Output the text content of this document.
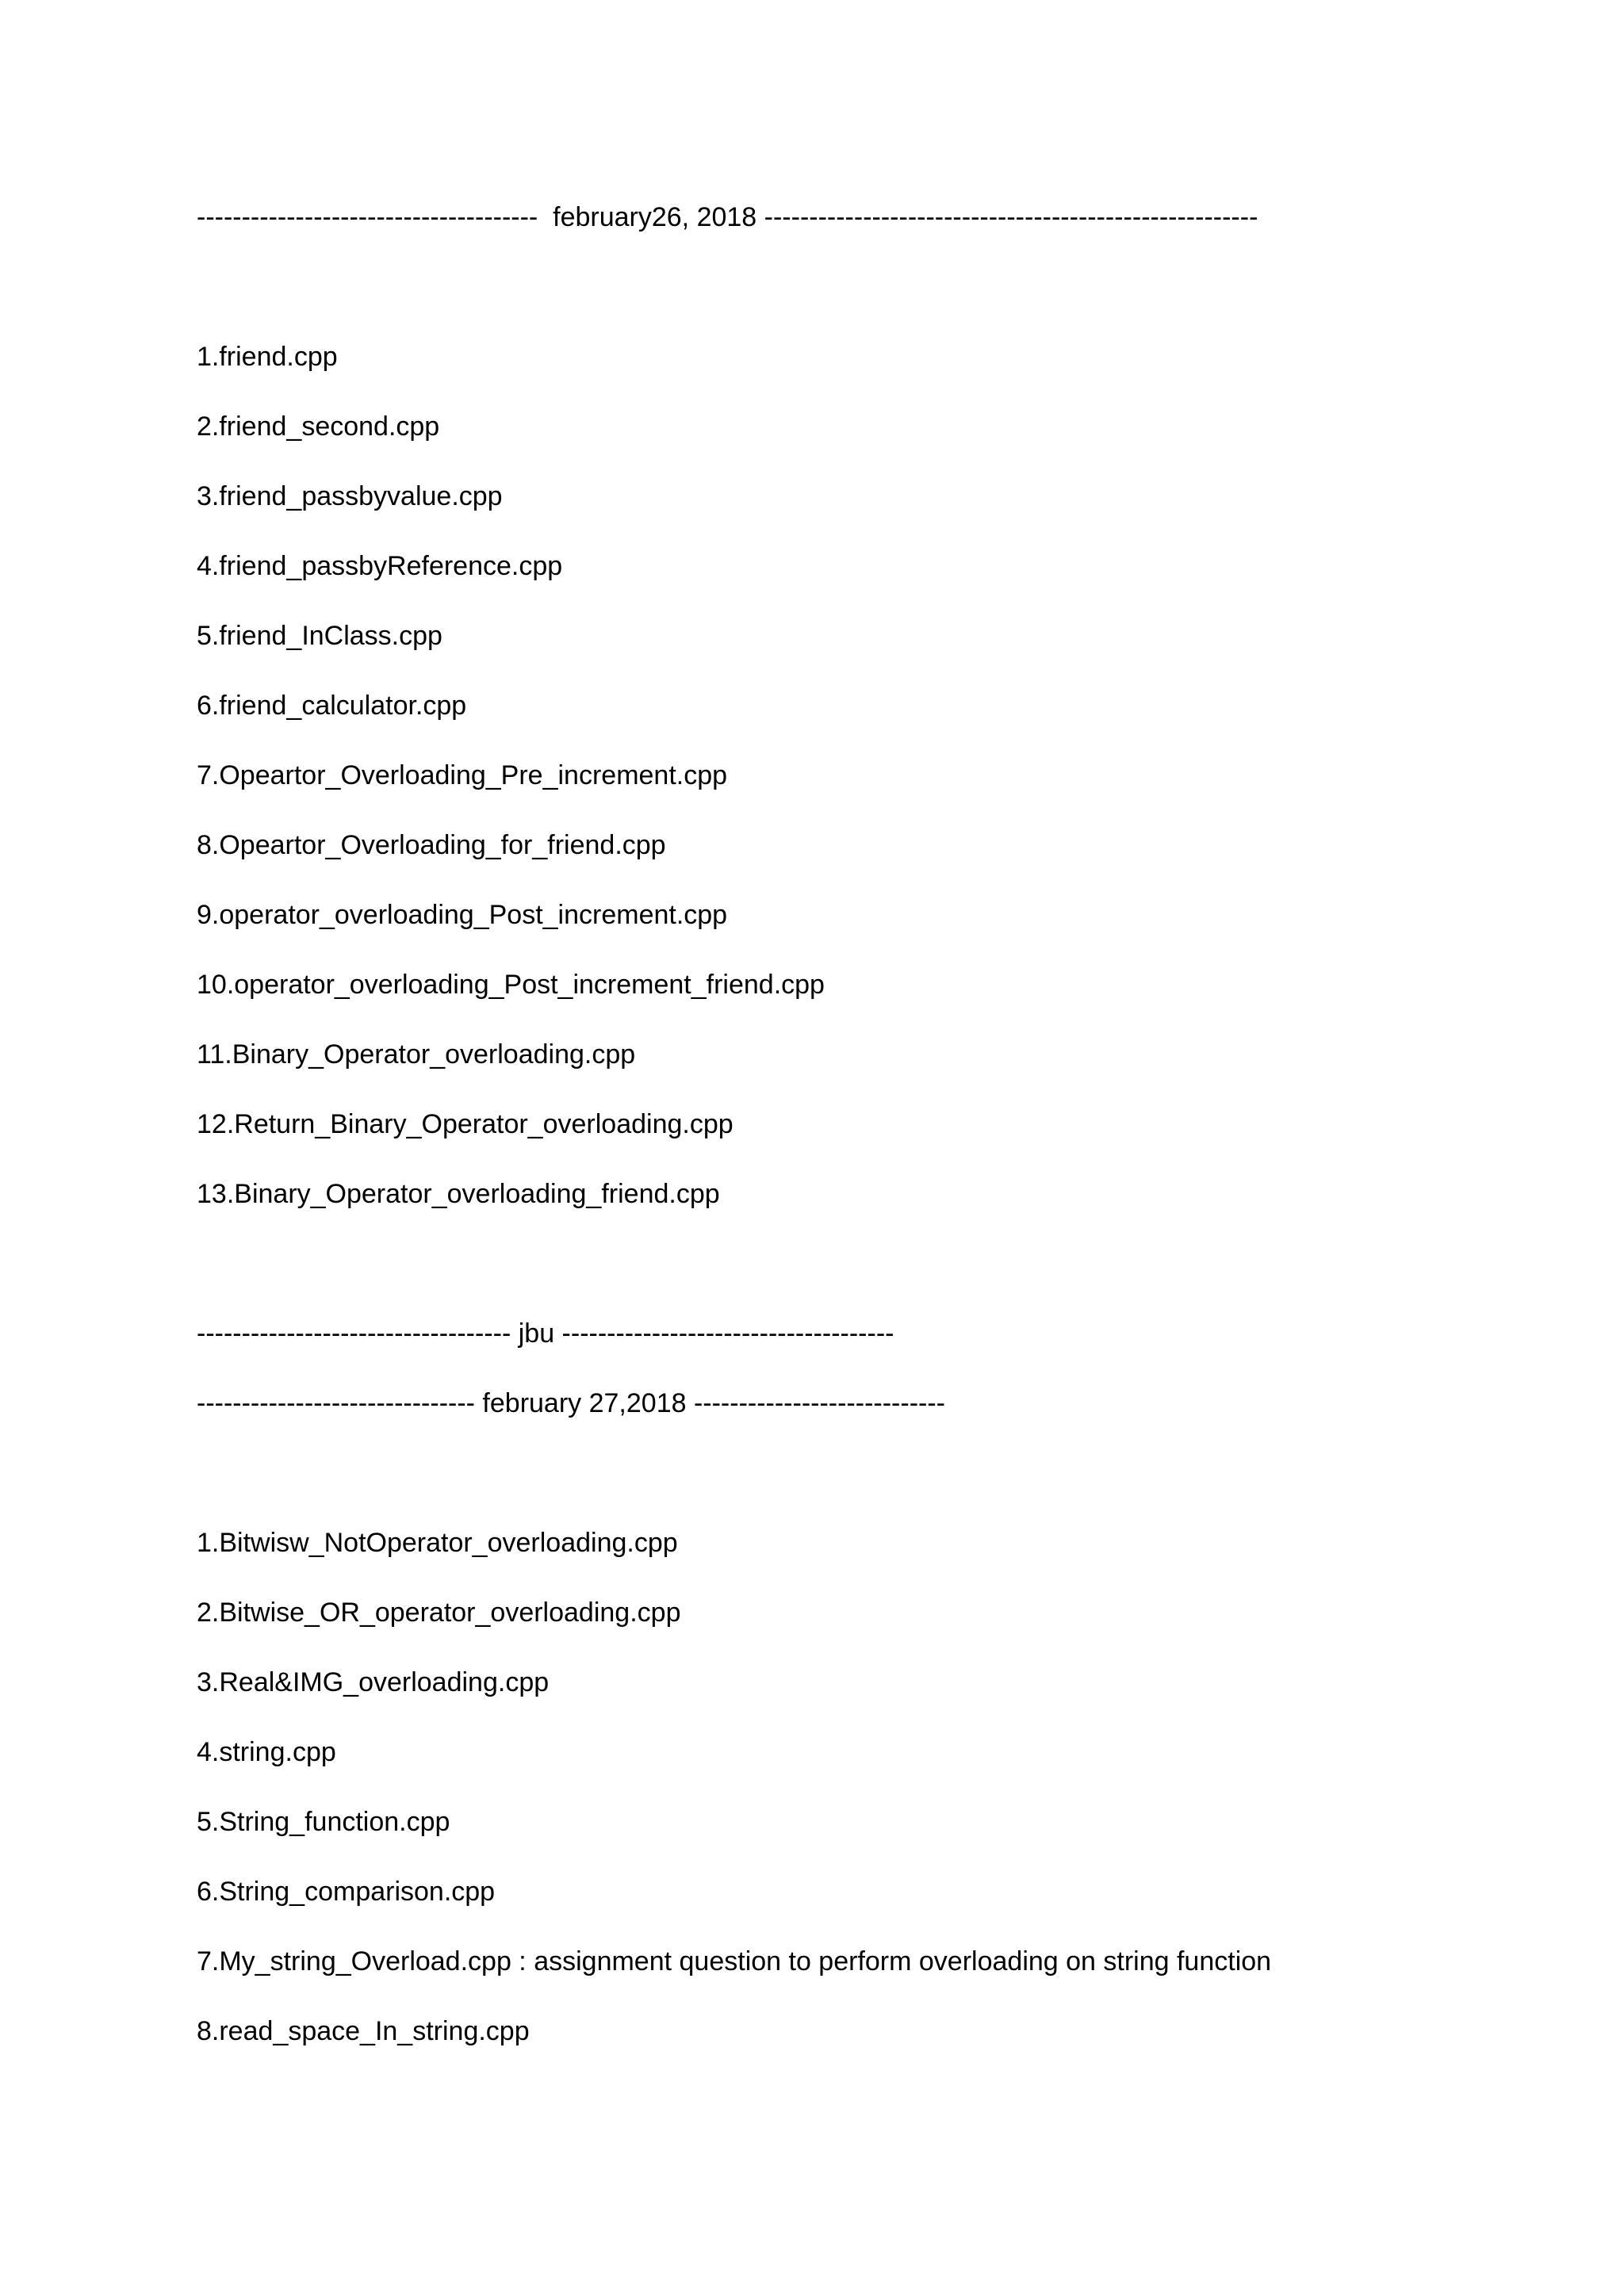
--------------------------------------  february26, 2018 -------------------------------------------------------
1.friend.cpp
2.friend_second.cpp
3.friend_passbyvalue.cpp
4.friend_passbyReference.cpp
5.friend_InClass.cpp
6.friend_calculator.cpp
7.Opeartor_Overloading_Pre_increment.cpp
8.Opeartor_Overloading_for_friend.cpp
9.operator_overloading_Post_increment.cpp
10.operator_overloading_Post_increment_friend.cpp
11.Binary_Operator_overloading.cpp
12.Return_Binary_Operator_overloading.cpp
13.Binary_Operator_overloading_friend.cpp
----------------------------------- jbu -------------------------------------
------------------------------- february 27,2018 ----------------------------
1.Bitwisw_NotOperator_overloading.cpp
2.Bitwise_OR_operator_overloading.cpp
3.Real&IMG_overloading.cpp
4.string.cpp
5.String_function.cpp
6.String_comparison.cpp
7.My_string_Overload.cpp : assignment question to perform overloading on string function
8.read_space_In_string.cpp
